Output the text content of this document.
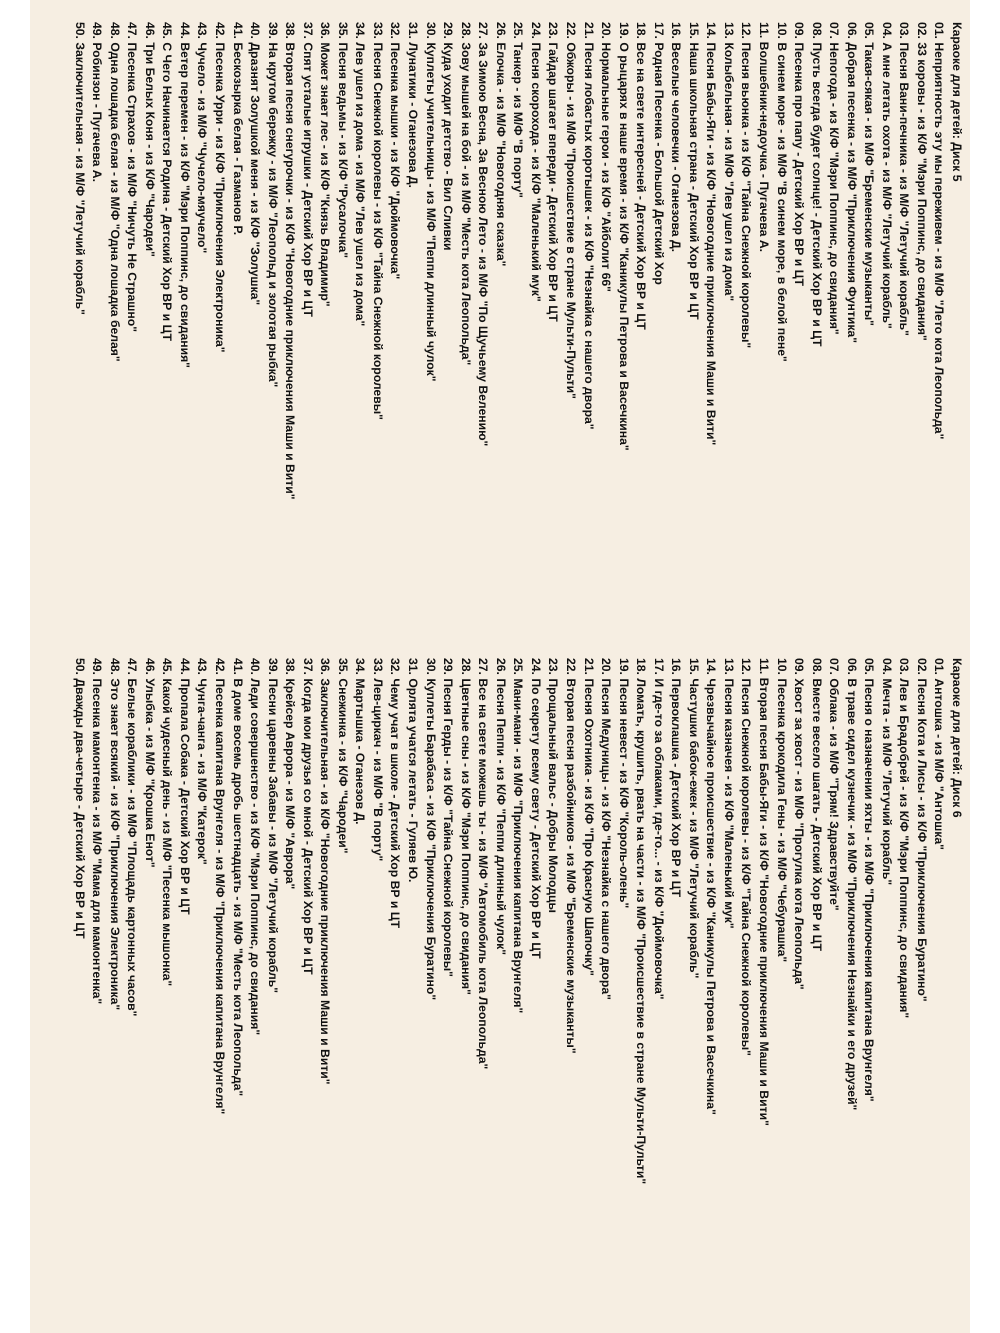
Караоке для детей: Диск 5
01. Неприятность эту мы переживем - из М/Ф "Лето кота Леопольда"
02. 33 коровы - из К/Ф "Мэри Поппинс, до свидания"
03. Песня Вани-печника - из М/Ф "Летучий корабль"
04. А мне летать охота - из М/Ф "Летучий корабль"
05. Такая-сякая - из М/Ф "Бременские музыканты"
06. Добрая песенка - из М/Ф "Приключения Фунтика"
07. Непогода - из К/Ф "Мэри Поппинс, до свидания"
08. Пусть всегда будет солнце! - Детский Хор ВР и ЦТ
09. Песенка про папу - Детский Хор ВР и ЦТ
10. В синем море - из М/Ф "В синем море, в белой пене"
11. Волшебник-недоучка - Пугачева А.
12. Песня вьюнка - из К/Ф "Тайна Снежной королевы"
13. Колыбельная - из М/Ф "Лев ушел из дома"
14. Песня Бабы-Яги - из К/Ф "Новогодние приключения Маши и Вити"
15. Наша школьная страна - Детский Хор ВР и ЦТ
16. Веселые человечки - Оганезова Д.
17. Родная Песенка - Большой Детский Хор
18. Все на свете интересней - Детский Хор ВР и ЦТ
19. О рыцарях в наше время - из К/Ф "Каникулы Петрова и Васечкина"
20. Нормальные герои - из К/Ф "Айболит 66"
21. Песня лобастых коротышек - из К/Ф "Незнайка с нашего двора"
22. Обжоры - из М/Ф "Происшествие в стране Мульти-Пульти"
23. Гайдар шагает впереди - Детский Хор ВР и ЦТ
24. Песня скорохода - из К/Ф "Маленький мук"
25. Танкер - из М/Ф "В порту"
26. Елочка - из М/Ф "Новогодняя сказка"
27. За Зимою Весна, За Весною Лето - из М/Ф "По Щучьему Велению"
28. Зову мышей на бой - из М/Ф "Месть кота Леопольда"
29. Куда уходит детство - Вил Сливки
30. Куплеты учительницы - из М/Ф "Пеппи длинный чулок"
31. Лунатики - Оганезова Д.
32. Песенка мышки - из К/Ф "Дюймовочка"
33. Песня Снежной королевы - из К/Ф "Тайна Снежной королевы"
34. Лев ушел из дома - из М/Ф "Лев ушел из дома"
35. Песня ведьмы - из К/Ф "Русалочка"
36. Может знает лес - из К/Ф "Князь Владимир"
37. Спят усталые игрушки - Детский Хор ВР и ЦТ
38. Вторая песня снегурочки - из К/Ф "Новогодние приключения Маши и Вити"
39. На крутом бережку - из М/Ф "Леопольд и золотая рыбка"
40. Дразнят Золушкой меня - из К/Ф "Золушка"
41. Бескозырка белая - Газманов Р.
42. Песенка Урри - из К/Ф "Приключения Электроника"
43. Чучело - из М/Ф "Чучело-мяучело"
44. Ветер перемен - из К/Ф "Мэри Поппинс, до свидания"
45. С Чего Начинается Родина - Детский Хор ВР и ЦТ
46. Три Белых Коня - из К/Ф "Чародеи"
47. Песенка Страхов - из М/Ф "Ничуть Не Страшно"
48. Одна лошадка белая - из М/Ф "Одна лошадка белая"
49. Робинзон - Пугачева А.
50. Заключительная - из М/Ф "Летучий корабль"
Караоке для детей: Диск 6
01. Антошка - из М/Ф "Антошка"
02. Песня Кота и Лисы - из К/Ф "Приключения Буратино"
03. Лев и Брадобрей - из К/Ф "Мэри Поппинс, до свидания"
04. Мечта - из М/Ф "Летучий корабль"
05. Песня о назначении яхты - из М/Ф "Приключения капитана Врунгеля"
06. В траве сидел кузнечик - из М/Ф "Приключения Незнайки и его друзей"
07. Облака - из М/Ф "Трям! Здравствуйте"
08. Вместе весело шагать - Детский Хор ВР и ЦТ
09. Хвост за хвост - из М/Ф "Прогулка кота Леопольда"
10. Песенка крокодила Гены - из М/Ф "Чебурашка"
11. Вторая песня Бабы-Яги - из К/Ф "Новогодние приключения Маши и Вити"
12. Песня Снежной королевы - из К/Ф "Тайна Снежной королевы"
13. Песня казначея - из К/Ф "Маленький мук"
14. Чрезвычайное происшествие - из К/Ф "Каникулы Петрова и Васечкина"
15. Частушки бабок-ежек - из М/Ф "Летучий корабль"
16. Первоклашка - Детский Хор ВР и ЦТ
17. И где-то за облаками, где-то... - из К/Ф "Дюймовочка"
18. Ломать, крушить, рвать на части - из М/Ф "Происшествие в стране Мульти-Пульти"
19. Песня невест - из К/Ф "Король-олень"
20. Песня Медуницы - из К/Ф "Незнайка с нашего двора"
21. Песня Охотника - из К/Ф "Про Красную Шапочку"
22. Вторая песня разбойников - из М/Ф "Бременские музыканты"
23. Прощальный вальс - Добры Молодцы
24. По секрету всему свету - Детский Хор ВР и ЦТ
25. Мани-мани - из М/Ф "Приключения капитана Врунгеля"
26. Песня Пеппи - из К/Ф "Пеппи длинный чулок"
27. Все на свете можешь ты - из М/Ф "Автомобиль кота Леопольда"
28. Цветные сны - из К/Ф "Мэри Поппинс, до свидания"
29. Песня Герды - из К/Ф "Тайна Снежной королевы"
30. Куплеты Барабаса - из К/Ф "Приключения Буратино"
31. Орлята учатся летать - Гуляев Ю.
32. Чему учат в школе - Детский Хор ВР и ЦТ
33. Лев-циркач - из М/Ф "В порту"
34. Мартышка - Оганезов Д.
35. Снежинка - из К/Ф "Чародеи"
36. Заключительная - из К/Ф "Новогодние приключения Маши и Вити"
37. Когда мои друзья со мной - Детский Хор ВР и ЦТ
38. Крейсер Аврора - из М/Ф "Аврора"
39. Песни царевны Забавы - из М/Ф "Летучий корабль"
40. Леди совершенство - из К/Ф "Мэри Поппинс, до свидания"
41. В доме восемь дробь шестнадцать - из М/Ф "Месть кота Леопольда"
42. Песенка капитана Врунгеля - из М/Ф "Приключения капитана Врунгеля"
43. Чунга-чанга - из М/Ф "Катерок"
44. Пропала Собака - Детский Хор ВР и ЦТ
45. Какой чудесный день - из М/Ф "Песенка мышонка"
46. Улыбка - из М/Ф "Крошка Енот"
47. Белые кораблики - из М/Ф "Площадь картонных часов"
48. Это знает всякий - из К/Ф "Приключения Электроника"
49. Песенка мамонтенка - из М/Ф "Мама для мамонтенка"
50. Дважды два-четыре - Детский Хор ВР и ЦТ
